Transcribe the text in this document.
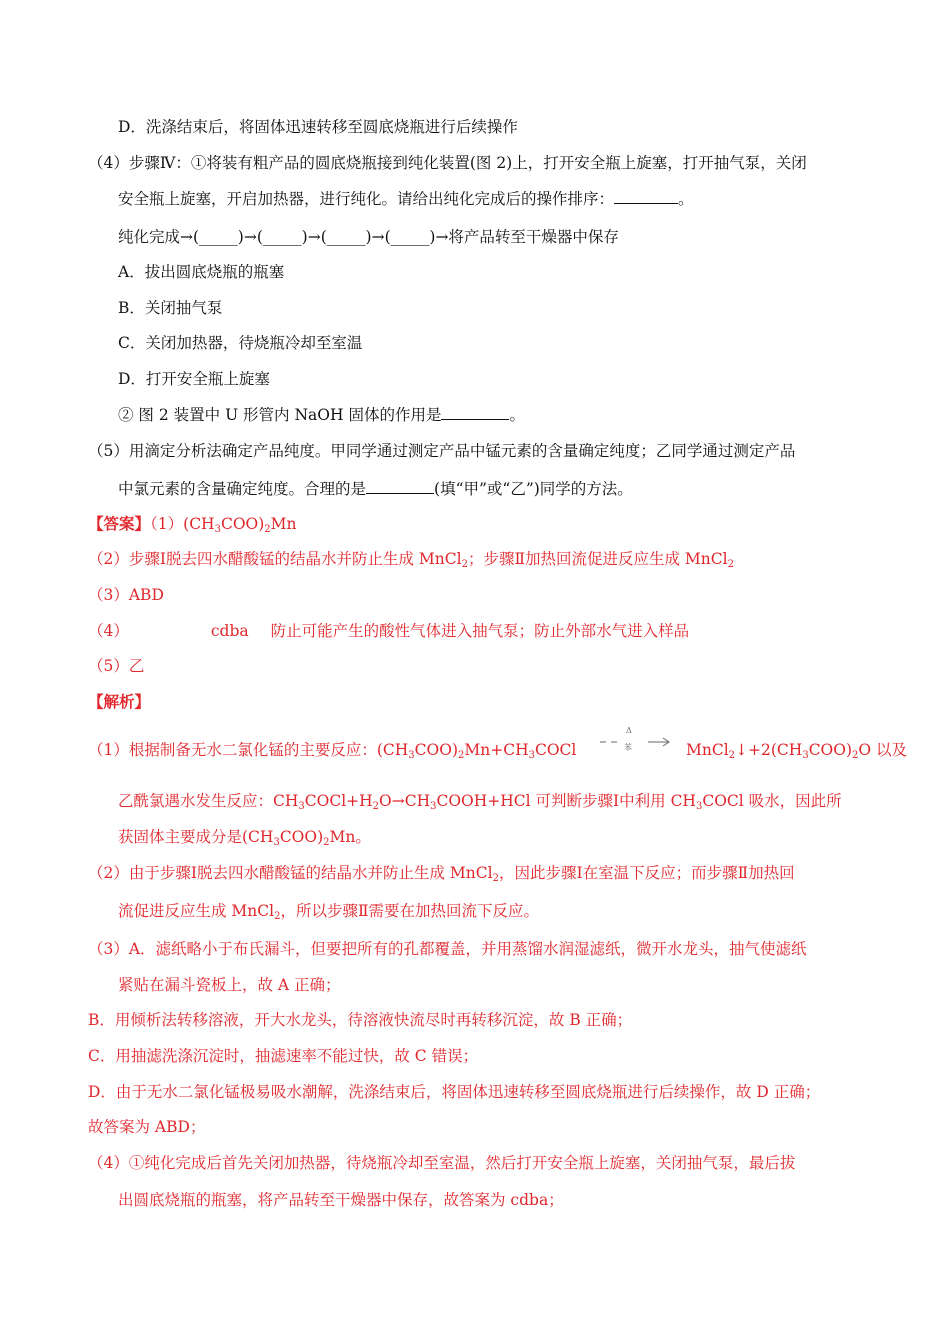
D．洗涤结束后，将固体迅速转移至圆底烧瓶进行后续操作
（4）步骤Ⅳ：①将装有粗产品的圆底烧瓶接到纯化装置(图 2)上，打开安全瓶上旋塞，打开抽气泵，关闭
安全瓶上旋塞，开启加热器，进行纯化。请给出纯化完成后的操作排序：	。
纯化完成→(_____)→(_____)→(_____)→(_____)→将产品转至干燥器中保存
A．拔出圆底烧瓶的瓶塞
B．关闭抽气泵
C．关闭加热器，待烧瓶冷却至室温
D．打开安全瓶上旋塞
② 图 2 装置中 U 形管内 NaOH 固体的作用是	。
（5）用滴定分析法确定产品纯度。甲同学通过测定产品中锰元素的含量确定纯度；乙同学通过测定产品
中氯元素的含量确定纯度。合理的是	(填“甲”或“乙”)同学的方法。
【答案】$(1)(CH_3COO)_2Mn$
（2）步骤Ⅰ脱去四水醋酸锰的结晶水并防止生成 MnCl$_2$；步骤Ⅱ加热回流促进反应生成 MnCl$_2$
（3）ABD
（4）	cdba 防止可能产生的酸性气体进入抽气泵；防止外部水气进入样品
（5）乙
【解析】
（1）根据制备无水二氯化锰的主要反应：$(CH_3COO)_2Mn+CH_3COCl$
Δ
苯	$MnCl_2↓+2(CH_3COO)_2O$ 以及
乙酰氯遇水发生反应：$CH_3COCl+H_2O\to CH_3COOH+HCl$ 可判断步骤Ⅰ中利用 $CH_3COCl$ 吸水，因此所
获固体主要成分是$(CH_3COO)_2Mn$。
（2）由于步骤Ⅰ脱去四水醋酸锰的结晶水并防止生成 MnCl$_2$，因此步骤Ⅰ在室温下反应；而步骤Ⅱ加热回
流促进反应生成 MnCl$_2$，所以步骤Ⅱ需要在加热回流下反应。
（3）A．滤纸略小于布氏漏斗，但要把所有的孔都覆盖，并用蒸馏水润湿滤纸，微开水龙头，抽气使滤纸
紧贴在漏斗瓷板上，故 A 正确；
B．用倾析法转移溶液，开大水龙头，待溶液快流尽时再转移沉淀，故 B 正确；
C．用抽滤洗涤沉淀时，抽滤速率不能过快，故 C 错误；
D．由于无水二氯化锰极易吸水潮解，洗涤结束后，将固体迅速转移至圆底烧瓶进行后续操作，故 D 正确；
故答案为 ABD；
（4）①纯化完成后首先关闭加热器，待烧瓶冷却至室温，然后打开安全瓶上旋塞，关闭抽气泵，最后拔
出圆底烧瓶的瓶塞，将产品转至干燥器中保存，故答案为 cdba；
